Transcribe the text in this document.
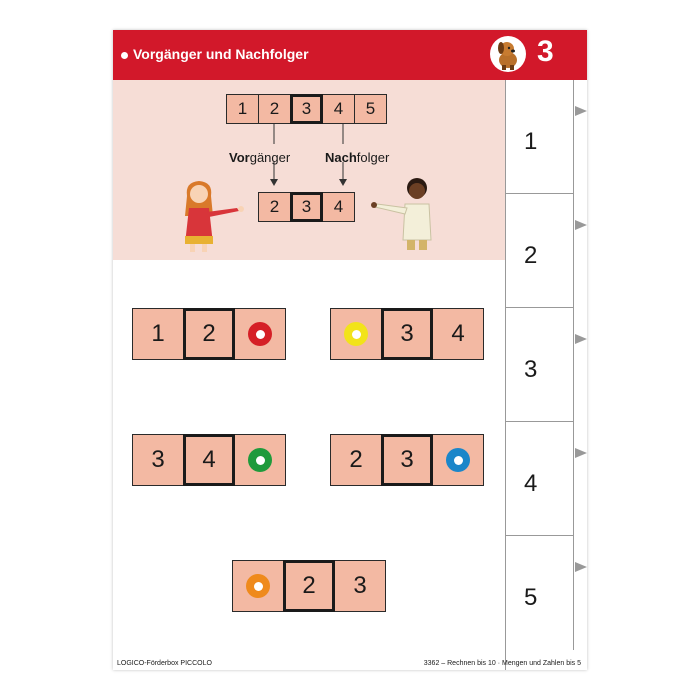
Vorgänger und Nachfolger	3
1	2	3	4	5
Vorgänger	Nachfolger
2	3	4
1
2
3
4
5
1	2	3	4
3	4	2	3
2	3
LOGICO-Förderbox PICCOLO	3362 – Rechnen bis 10 · Mengen und Zahlen bis 5
